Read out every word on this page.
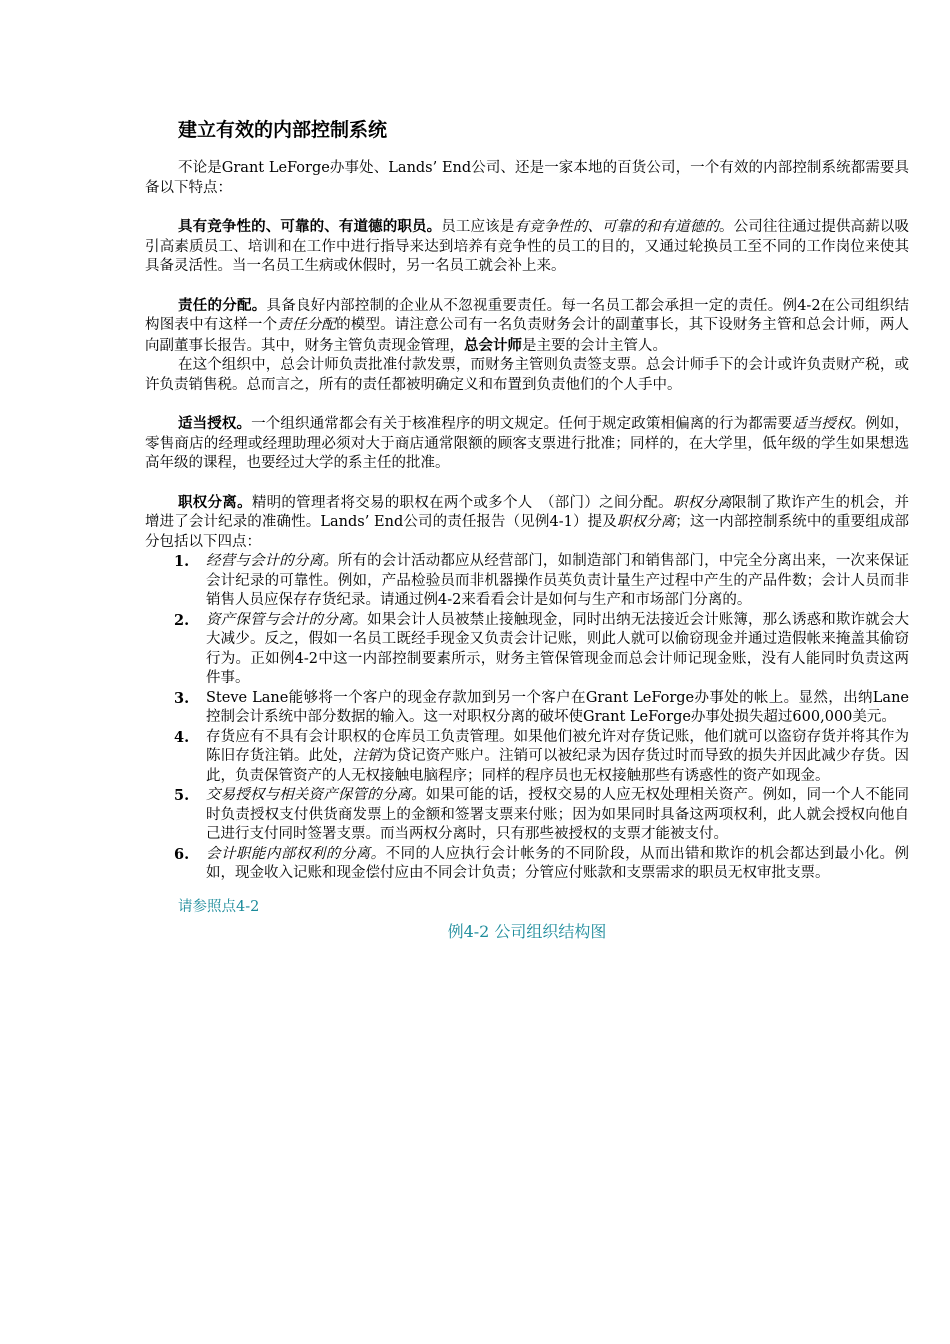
建立有效的内部控制系统

不论是Grant LeForge办事处、Lands’ End公司、还是一家本地的百货公司，一个有效的内部控制系统都需要具备以下特点：

具有竞争性的、可靠的、有道德的职员。员工应该是有竞争性的、可靠的和有道德的。公司往往通过提供高薪以吸引高素质员工、培训和在工作中进行指导来达到培养有竞争性的员工的目的，又通过轮换员工至不同的工作岗位来使其具备灵活性。当一名员工生病或休假时，另一名员工就会补上来。

责任的分配。具备良好内部控制的企业从不忽视重要责任。每一名员工都会承担一定的责任。例4-2在公司组织结构图表中有这样一个责任分配的模型。请注意公司有一名负责财务会计的副董事长，其下设财务主管和总会计师，两人向副董事长报告。其中，财务主管负责现金管理，总会计师是主要的会计主管人。

在这个组织中，总会计师负责批准付款发票，而财务主管则负责签支票。总会计师手下的会计或许负责财产税，或许负责销售税。总而言之，所有的责任都被明确定义和布置到负责他们的个人手中。

适当授权。一个组织通常都会有关于核准程序的明文规定。任何于规定政策相偏离的行为都需要适当授权。例如，零售商店的经理或经理助理必须对大于商店通常限额的顾客支票进行批准；同样的，在大学里，低年级的学生如果想选高年级的课程，也要经过大学的系主任的批准。

职权分离。精明的管理者将交易的职权在两个或多个人　（部门）之间分配。职权分离限制了欺诈产生的机会，并增进了会计纪录的准确性。Lands’ End公司的责任报告（见例4-1）提及职权分离；这一内部控制系统中的重要组成部分包括以下四点：

1. 经营与会计的分离。所有的会计活动都应从经营部门，如制造部门和销售部门，中完全分离出来，一次来保证会计纪录的可靠性。例如，产品检验员而非机器操作员英负责计量生产过程中产生的产品件数；会计人员而非销售人员应保存存货纪录。请通过例4-2来看看会计是如何与生产和市场部门分离的。
2. 资产保管与会计的分离。如果会计人员被禁止接触现金，同时出纳无法接近会计账簿，那么诱惑和欺诈就会大大减少。反之，假如一名员工既经手现金又负责会计记账，则此人就可以偷窃现金并通过造假帐来掩盖其偷窃行为。正如例4-2中这一内部控制要素所示，财务主管保管现金而总会计师记现金账，没有人能同时负责这两件事。
3. Steve Lane能够将一个客户的现金存款加到另一个客户在Grant LeForge办事处的帐上。显然，出纳Lane控制会计系统中部分数据的输入。这一对职权分离的破坏使Grant LeForge办事处损失超过600,000美元。
4. 存货应有不具有会计职权的仓库员工负责管理。如果他们被允许对存货记账，他们就可以盗窃存货并将其作为陈旧存货注销。此处，注销为贷记资产账户。注销可以被纪录为因存货过时而导致的损失并因此减少存货。因此，负责保管资产的人无权接触电脑程序；同样的程序员也无权接触那些有诱惑性的资产如现金。
5. 交易授权与相关资产保管的分离。如果可能的话，授权交易的人应无权处理相关资产。例如，同一个人不能同时负责授权支付供货商发票上的金额和签署支票来付账；因为如果同时具备这两项权利，此人就会授权向他自己进行支付同时签署支票。而当两权分离时，只有那些被授权的支票才能被支付。
6. 会计职能内部权利的分离。不同的人应执行会计帐务的不同阶段，从而出错和欺诈的机会都达到最小化。例如，现金收入记账和现金偿付应由不同会计负责；分管应付账款和支票需求的职员无权审批支票。
请参照点4-2
例4-2 公司组织结构图
